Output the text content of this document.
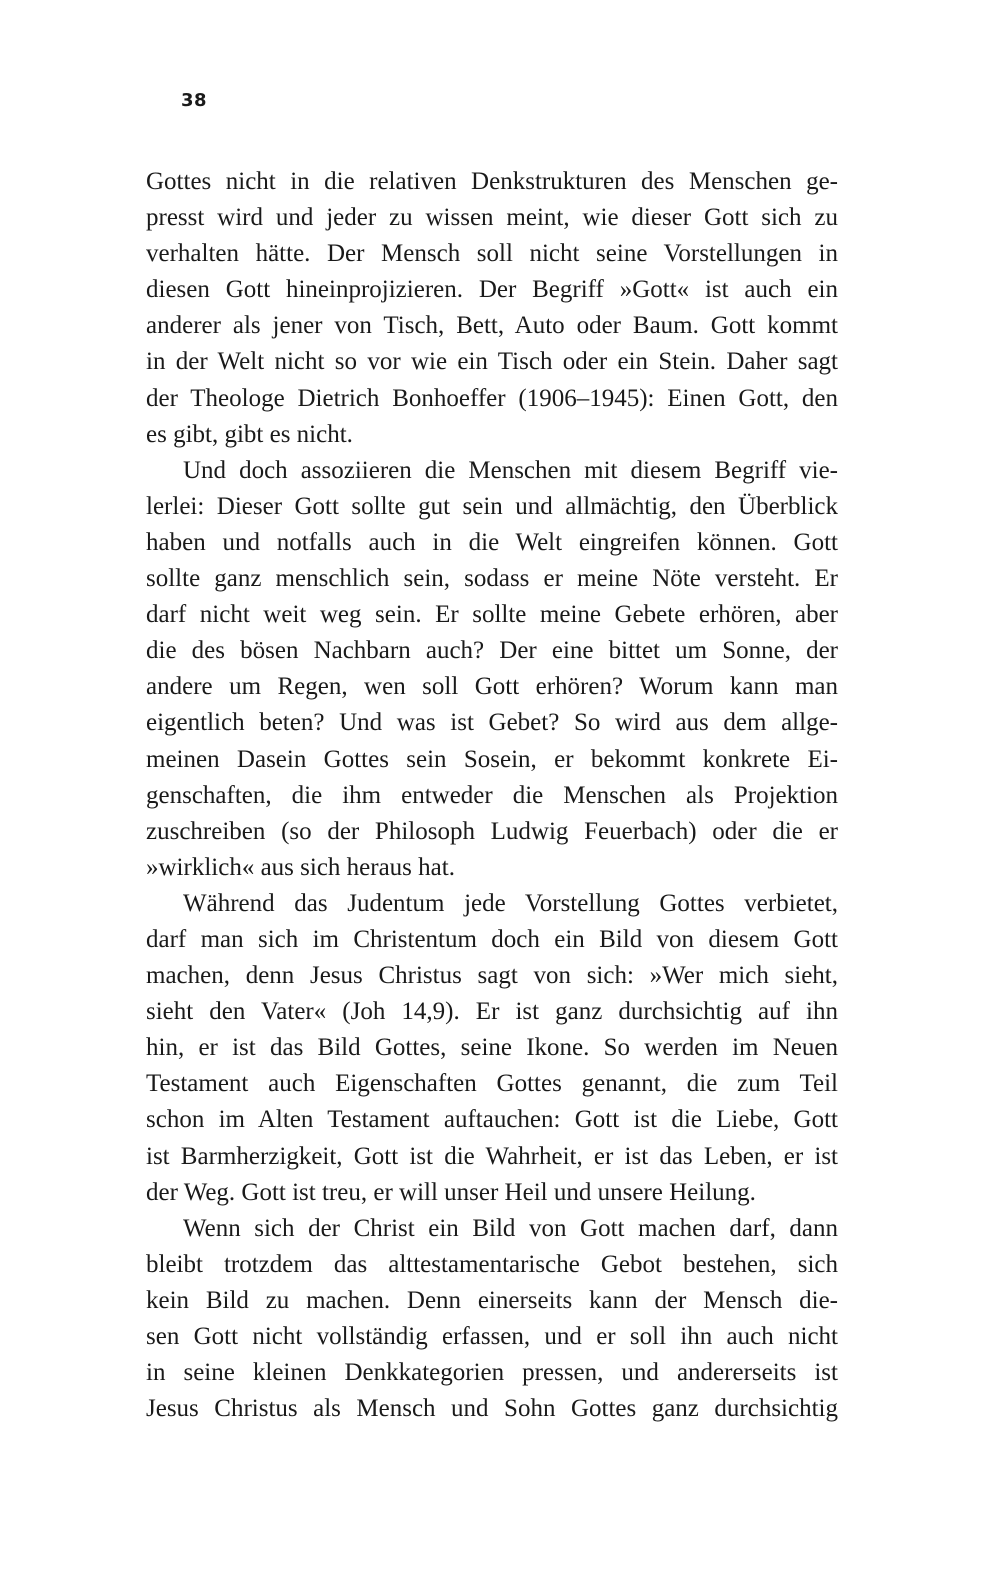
38
Gottes nicht in die relativen Denkstrukturen des Menschen ge-
presst wird und jeder zu wissen meint, wie dieser Gott sich zu
verhalten hätte. Der Mensch soll nicht seine Vorstellungen in
diesen Gott hineinprojizieren. Der Begriff »Gott« ist auch ein
anderer als jener von Tisch, Bett, Auto oder Baum. Gott kommt
in der Welt nicht so vor wie ein Tisch oder ein Stein. Daher sagt
der Theologe Dietrich Bonhoeffer (1906–1945): Einen Gott, den
es gibt, gibt es nicht.
Und doch assoziieren die Menschen mit diesem Begriff vie-
lerlei: Dieser Gott sollte gut sein und allmächtig, den Überblick
haben und notfalls auch in die Welt eingreifen können. Gott
sollte ganz menschlich sein, sodass er meine Nöte versteht. Er
darf nicht weit weg sein. Er sollte meine Gebete erhören, aber
die des bösen Nachbarn auch? Der eine bittet um Sonne, der
andere um Regen, wen soll Gott erhören? Worum kann man
eigentlich beten? Und was ist Gebet? So wird aus dem allge-
meinen Dasein Gottes sein Sosein, er bekommt konkrete Ei-
genschaften, die ihm entweder die Menschen als Projektion
zuschreiben (so der Philosoph Ludwig Feuerbach) oder die er
»wirklich« aus sich heraus hat.
Während das Judentum jede Vorstellung Gottes verbietet,
darf man sich im Christentum doch ein Bild von diesem Gott
machen, denn Jesus Christus sagt von sich: »Wer mich sieht,
sieht den Vater« (Joh 14,9). Er ist ganz durchsichtig auf ihn
hin, er ist das Bild Gottes, seine Ikone. So werden im Neuen
Testament auch Eigenschaften Gottes genannt, die zum Teil
schon im Alten Testament auftauchen: Gott ist die Liebe, Gott
ist Barmherzigkeit, Gott ist die Wahrheit, er ist das Leben, er ist
der Weg. Gott ist treu, er will unser Heil und unsere Heilung.
Wenn sich der Christ ein Bild von Gott machen darf, dann
bleibt trotzdem das alttestamentarische Gebot bestehen, sich
kein Bild zu machen. Denn einerseits kann der Mensch die-
sen Gott nicht vollständig erfassen, und er soll ihn auch nicht
in seine kleinen Denkkategorien pressen, und andererseits ist
Jesus Christus als Mensch und Sohn Gottes ganz durchsichtig
